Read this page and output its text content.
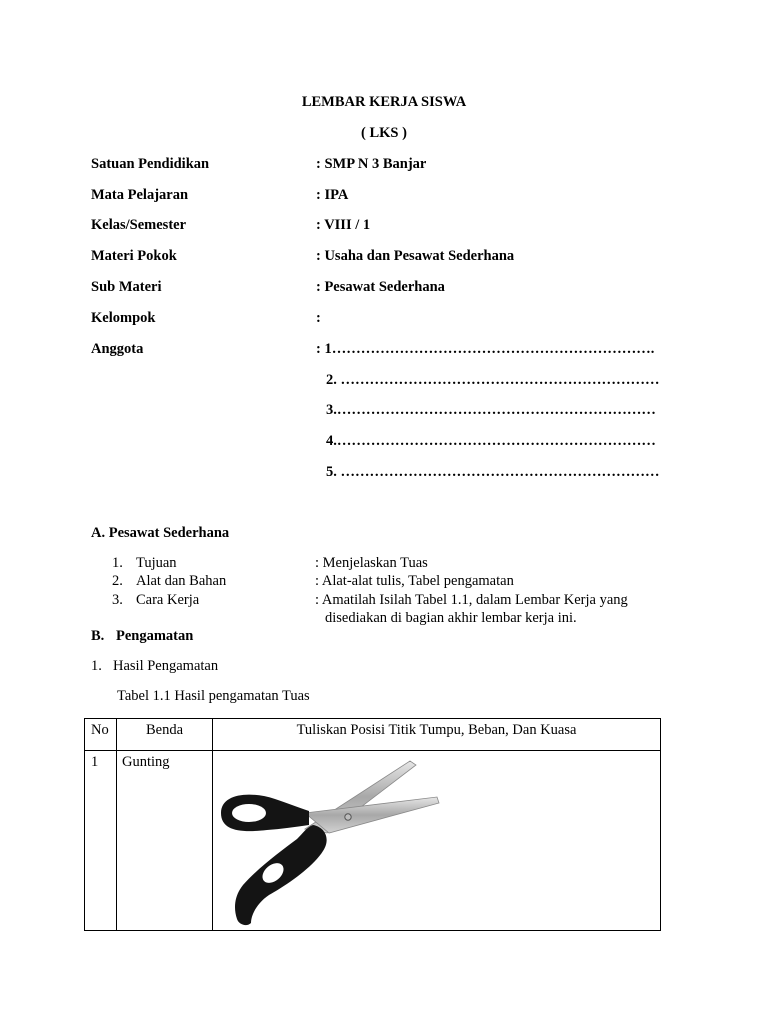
LEMBAR KERJA SISWA
( LKS )
Satuan Pendidikan	: SMP N 3 Banjar
Mata Pelajaran	: IPA
Kelas/Semester	: VIII / 1
Materi Pokok	: Usaha dan Pesawat Sederhana
Sub Materi	: Pesawat Sederhana
Kelompok	:
Anggota	: 1………………………………………………………….
2. …………………………………………………………
3.…………………………………………………………
4.…………………………………………………………
5. …………………………………………………………
A. Pesawat Sederhana
1. Tujuan	: Menjelaskan Tuas
2. Alat dan Bahan	: Alat-alat tulis, Tabel pengamatan
3. Cara Kerja	: Amatilah Isilah Tabel 1.1, dalam Lembar Kerja yang
disediakan di bagian akhir lembar kerja ini.
B. Pengamatan
1. Hasil Pengamatan
Tabel 1.1 Hasil pengamatan Tuas
No	Benda	Tuliskan Posisi Titik Tumpu, Beban, Dan Kuasa
1 Gunting
